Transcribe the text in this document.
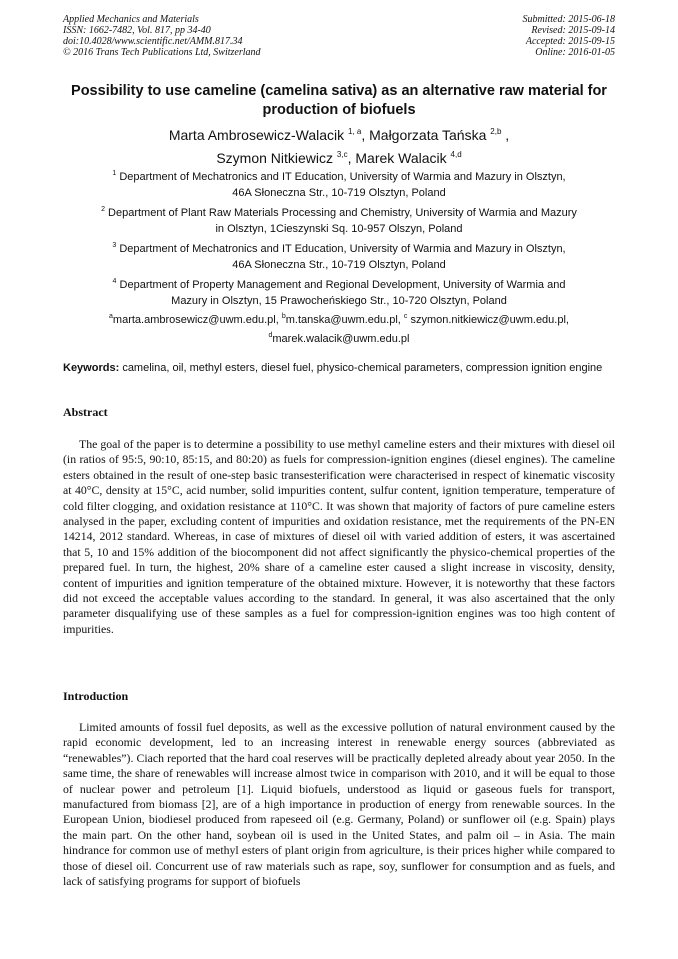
Applied Mechanics and Materials
ISSN: 1662-7482, Vol. 817, pp 34-40
doi:10.4028/www.scientific.net/AMM.817.34
© 2016 Trans Tech Publications Ltd, Switzerland
Submitted: 2015-06-18
Revised: 2015-09-14
Accepted: 2015-09-15
Online: 2016-01-05
Possibility to use cameline (camelina sativa) as an alternative raw material for production of biofuels
Marta Ambrosewicz-Walacik $^{1, a}$, Małgorzata Tańska $^{2,b}$ ,
Szymon Nitkiewicz $^{3,c}$, Marek Walacik $^{4,d}$
$^1$ Department of Mechatronics and IT Education, University of Warmia and Mazury in Olsztyn,
46A Słoneczna Str., 10-719 Olsztyn, Poland
$^2$ Department of Plant Raw Materials Processing and Chemistry, University of Warmia and Mazury
in Olsztyn, 1Cieszynski Sq. 10-957 Olszyn, Poland
$^3$ Department of Mechatronics and IT Education, University of Warmia and Mazury in Olsztyn,
46A Słoneczna Str., 10-719 Olsztyn, Poland
$^4$ Department of Property Management and Regional Development, University of Warmia and
Mazury in Olsztyn, 15 Prawocheńskiego Str., 10-720 Olsztyn, Poland
$^a$marta.ambrosewicz@uwm.edu.pl, $^b$m.tanska@uwm.edu.pl, $^c$ szymon.nitkiewicz@uwm.edu.pl,
$^d$marek.walacik@uwm.edu.pl
Keywords: camelina, oil, methyl esters, diesel fuel, physico-chemical parameters, compression ignition engine
Abstract
The goal of the paper is to determine a possibility to use methyl cameline esters and their mixtures with diesel oil (in ratios of 95:5, 90:10, 85:15, and 80:20) as fuels for compression-ignition engines (diesel engines). The cameline esters obtained in the result of one-step basic transesterification were characterised in respect of kinematic viscosity at 40°C, density at 15°C, acid number, solid impurities content, sulfur content, ignition temperature, temperature of cold filter clogging, and oxidation resistance at 110°C. It was shown that majority of factors of pure cameline esters analysed in the paper, excluding content of impurities and oxidation resistance, met the requirements of the PN-EN 14214, 2012 standard. Whereas, in case of mixtures of diesel oil with varied addition of esters, it was ascertained that 5, 10 and 15% addition of the biocomponent did not affect significantly the physico-chemical properties of the prepared fuel. In turn, the highest, 20% share of a cameline ester caused a slight increase in viscosity, density, content of impurities and ignition temperature of the obtained mixture. However, it is noteworthy that these factors did not exceed the acceptable values according to the standard. In general, it was also ascertained that the only parameter disqualifying use of these samples as a fuel for compression-ignition engines was too high content of impurities.
Introduction
Limited amounts of fossil fuel deposits, as well as the excessive pollution of natural environment caused by the rapid economic development, led to an increasing interest in renewable energy sources (abbreviated as “renewables”). Ciach reported that the hard coal reserves will be practically depleted already about year 2050. In the same time, the share of renewables will increase almost twice in comparison with 2010, and it will be equal to those of nuclear power and petroleum [1]. Liquid biofuels, understood as liquid or gaseous fuels for transport, manufactured from biomass [2], are of a high importance in production of energy from renewable sources. In the European Union, biodiesel produced from rapeseed oil (e.g. Germany, Poland) or sunflower oil (e.g. Spain) plays the main part. On the other hand, soybean oil is used in the United States, and palm oil – in Asia. The main hindrance for common use of methyl esters of plant origin from agriculture, is their prices higher while compared to those of diesel oil. Concurrent use of raw materials such as rape, soy, sunflower for consumption and as fuels, and lack of satisfying programs for support of biofuels
